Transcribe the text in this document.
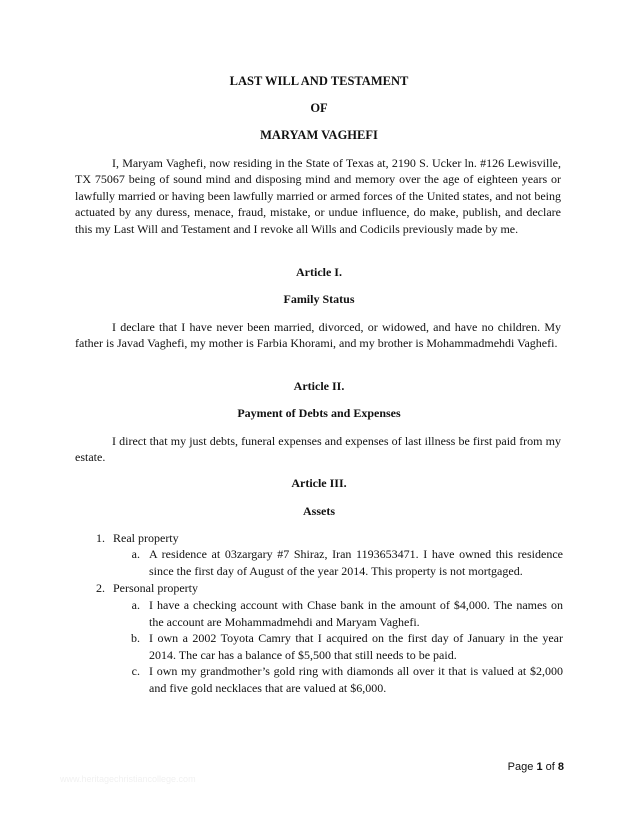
LAST WILL AND TESTAMENT
OF
MARYAM VAGHEFI

I, Maryam Vaghefi, now residing in the State of Texas at, 2190 S. Ucker ln. #126 Lewisville, TX 75067 being of sound mind and disposing mind and memory over the age of eighteen years or lawfully married or having been lawfully married or armed forces of the United states, and not being actuated by any duress, menace, fraud, mistake, or undue influence, do make, publish, and declare this my Last Will and Testament and I revoke all Wills and Codicils previously made by me.

Article I.
Family Status

I declare that I have never been married, divorced, or widowed, and have no children. My father is Javad Vaghefi, my mother is Farbia Khorami, and my brother is Mohammadmehdi Vaghefi.

Article II.
Payment of Debts and Expenses

I direct that my just debts, funeral expenses and expenses of last illness be first paid from my estate.

Article III.
Assets
1. Real property
a. A residence at 03zargary #7 Shiraz, Iran 1193653471. I have owned this residence since the first day of August of the year 2014. This property is not mortgaged.
2. Personal property
a. I have a checking account with Chase bank in the amount of $4,000. The names on the account are Mohammadmehdi and Maryam Vaghefi.
b. I own a 2002 Toyota Camry that I acquired on the first day of January in the year 2014. The car has a balance of $5,500 that still needs to be paid.
c. I own my grandmother’s gold ring with diamonds all over it that is valued at $2,000 and five gold necklaces that are valued at $6,000.
www.heritagechristiancollege.com
Page 1 of 8
